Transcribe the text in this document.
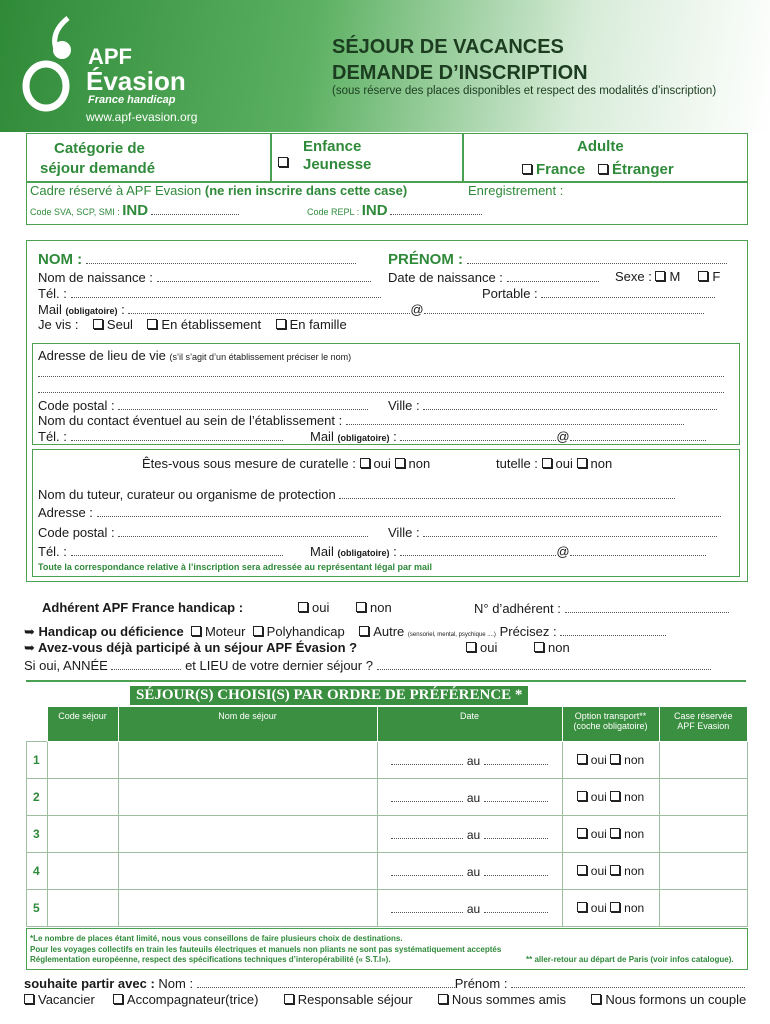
APF
Évasion
France handicap
www.apf-evasion.org
SÉJOUR DE VACANCES
DEMANDE D’INSCRIPTION
(sous réserve des places disponibles et respect des modalités d’inscription)
Catégorie de
séjour demandé
Enfance
Jeunesse
Adulte
France	Étranger
Cadre réservé à APF Evasion (ne rien inscrire dans cette case)	Enregistrement :
Code SVA, SCP, SMI : IND	Code REPL : IND
NOM :	PRÉNOM :
Nom de naissance :	Date de naissance :	Sexe : M F
Tél. :	Portable :
Mail (obligatoire) :	@
Je vis : Seul En établissement En famille
Adresse de lieu de vie (s’il s’agit d’un établissement préciser le nom)
Code postal :	Ville :
Nom du contact éventuel au sein de l’établissement :
Tél. :	Mail (obligatoire) :	@
Êtes-vous sous mesure de curatelle : oui non	tutelle : oui non
Nom du tuteur, curateur ou organisme de protection
Adresse :
Code postal :	Ville :
Tél. :	Mail (obligatoire) :	@
Toute la correspondance relative à l’inscription sera adressée au représentant légal par mail
Adhérent APF France handicap :	oui	non	N° d’adhérent :
➥ Handicap ou déficience Moteur Polyhandicap Autre (sensoriel, mental, psychique ....) Précisez :
➥ Avez-vous déjà participé à un séjour APF Évasion ?	oui	non
Si oui, ANNÉE	et LIEU de votre dernier séjour ?
SÉJOUR(S) CHOISI(S) PAR ORDRE DE PRÉFÉRENCE *
	Code séjour	Nom de séjour	Date	Option transport**
(coche obligatoire)	Case réservée
APF Evasion
1			au	oui non	
2			au	oui non	
3			au	oui non	
4			au	oui non	
5			au	oui non	
*Le nombre de places étant limité, nous vous conseillons de faire plusieurs choix de destinations.
Pour les voyages collectifs en train les fauteuils électriques et manuels non pliants ne sont pas systématiquement acceptés
Réglementation européenne, respect des spécifications techniques d’interopérabilité (« S.T.I»).	** aller-retour au départ de Paris (voir infos catalogue).
souhaite partir avec : Nom :	Prénom :
Vacancier Accompagnateur(trice)	Responsable séjour	Nous sommes amis	Nous formons un couple
